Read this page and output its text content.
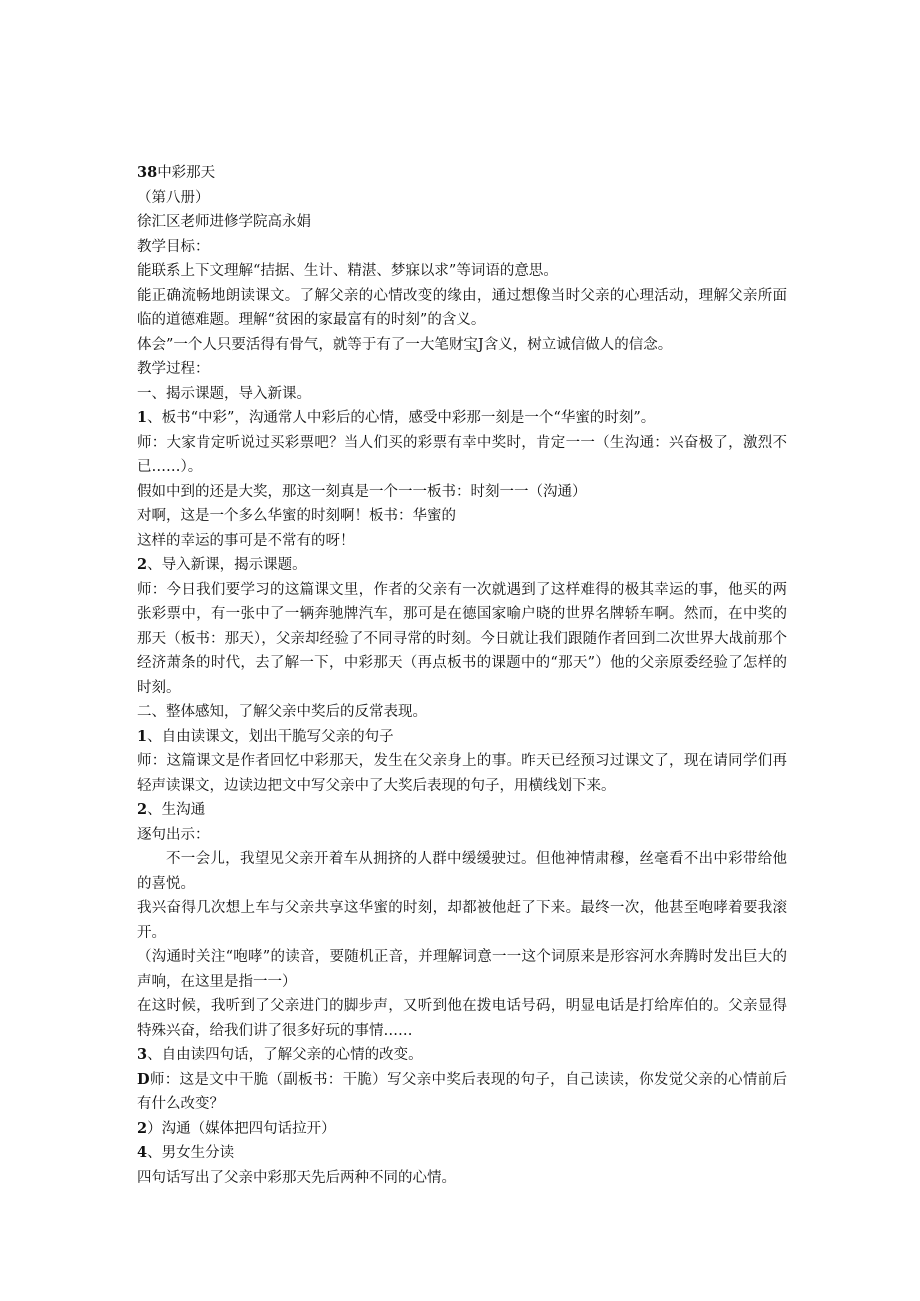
38中彩那天
（第八册）
徐汇区老师进修学院高永娟
教学目标：
能联系上下文理解“拮据、生计、精湛、梦寐以求”等词语的意思。
能正确流畅地朗读课文。了解父亲的心情改变的缘由，通过想像当时父亲的心理活动，理解父亲所面临的道德难题。理解“贫困的家最富有的时刻”的含义。
体会”一个人只要活得有骨气，就等于有了一大笔财宝J含义，树立诚信做人的信念。
教学过程：
一、揭示课题，导入新课。
1、板书“中彩”，沟通常人中彩后的心情，感受中彩那一刻是一个“华蜜的时刻”。
师：大家肯定听说过买彩票吧？当人们买的彩票有幸中奖时，肯定一一（生沟通：兴奋极了，激烈不已……）。
假如中到的还是大奖，那这一刻真是一个一一板书：时刻一一（沟通）
对啊，这是一个多么华蜜的时刻啊！板书：华蜜的
这样的幸运的事可是不常有的呀！
2、导入新课，揭示课题。
师：今日我们要学习的这篇课文里，作者的父亲有一次就遇到了这样难得的极其幸运的事，他买的两张彩票中，有一张中了一辆奔驰牌汽车，那可是在德国家喻户晓的世界名牌轿车啊。然而，在中奖的那天（板书：那天），父亲却经验了不同寻常的时刻。今日就让我们跟随作者回到二次世界大战前那个经济萧条的时代，去了解一下，中彩那天（再点板书的课题中的“那天”）他的父亲原委经验了怎样的时刻。
二、整体感知，了解父亲中奖后的反常表现。
1、自由读课文，划出干脆写父亲的句子
师：这篇课文是作者回忆中彩那天，发生在父亲身上的事。昨天已经预习过课文了，现在请同学们再轻声读课文，边读边把文中写父亲中了大奖后表现的句子，用横线划下来。
2、生沟通
逐句出示：
不一会儿，我望见父亲开着车从拥挤的人群中缓缓驶过。但他神情肃穆，丝毫看不出中彩带给他的喜悦。
我兴奋得几次想上车与父亲共享这华蜜的时刻，却都被他赶了下来。最终一次，他甚至咆哮着要我滚开。
（沟通时关注“咆哮”的读音，要随机正音，并理解词意一一这个词原来是形容河水奔腾时发出巨大的声响，在这里是指一一）
在这时候，我听到了父亲进门的脚步声，又听到他在拨电话号码，明显电话是打给库伯的。父亲显得特殊兴奋，给我们讲了很多好玩的事情……
3、自由读四句话，了解父亲的心情的改变。
D师：这是文中干脆（副板书：干脆）写父亲中奖后表现的句子，自己读读，你发觉父亲的心情前后有什么改变？
2）沟通（媒体把四句话拉开）
4、男女生分读
四句话写出了父亲中彩那天先后两种不同的心情。
